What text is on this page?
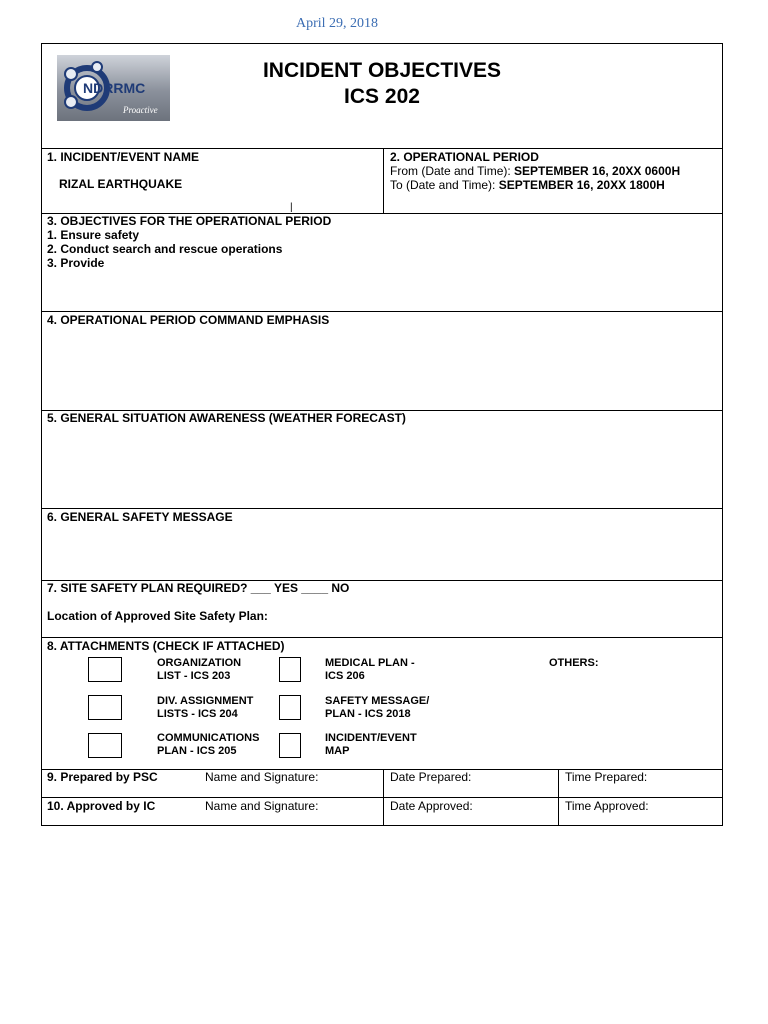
April 29, 2018
NDRRMC
Proactive
INCIDENT OBJECTIVES
ICS 202
1. INCIDENT/EVENT NAME
RIZAL EARTHQUAKE
|
2. OPERATIONAL PERIOD
From (Date and Time): SEPTEMBER 16, 20XX 0600H
To (Date and Time): SEPTEMBER 16, 20XX 1800H
3. OBJECTIVES FOR THE OPERATIONAL PERIOD
1. Ensure safety
2. Conduct search and rescue operations
3. Provide
4. OPERATIONAL PERIOD COMMAND EMPHASIS
5. GENERAL SITUATION AWARENESS (WEATHER FORECAST)
6. GENERAL SAFETY MESSAGE
7. SITE SAFETY PLAN REQUIRED? ___ YES ____ NO
Location of Approved Site Safety Plan:
8. ATTACHMENTS (CHECK IF ATTACHED)
ORGANIZATION
LIST - ICS 203
DIV. ASSIGNMENT
LISTS - ICS 204
COMMUNICATIONS
PLAN - ICS 205
MEDICAL PLAN -
ICS 206
SAFETY MESSAGE/
PLAN - ICS 2018
INCIDENT/EVENT
MAP
OTHERS:
9. Prepared by PSC	Name and Signature:	Date Prepared:	Time Prepared:
10. Approved by IC	Name and Signature:	Date Approved:	Time Approved:
